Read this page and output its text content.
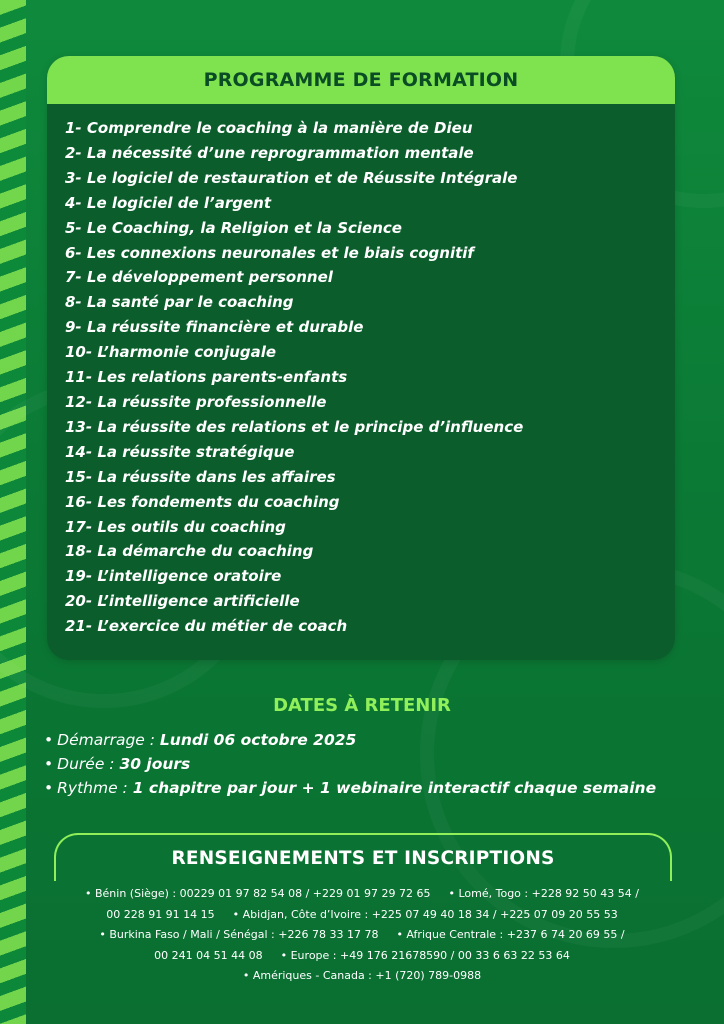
PROGRAMME DE FORMATION
1- Comprendre le coaching à la manière de Dieu
2- La nécessité d’une reprogrammation mentale
3- Le logiciel de restauration et de Réussite Intégrale
4- Le logiciel de l’argent
5- Le Coaching, la Religion et la Science
6- Les connexions neuronales et le biais cognitif
7- Le développement personnel
8- La santé par le coaching
9- La réussite financière et durable
10- L’harmonie conjugale
11- Les relations parents-enfants
12- La réussite professionnelle
13- La réussite des relations et le principe d’influence
14- La réussite stratégique
15- La réussite dans les affaires
16- Les fondements du coaching
17- Les outils du coaching
18- La démarche du coaching
19- L’intelligence oratoire
20- L’intelligence artificielle
21- L’exercice du métier de coach
DATES À RETENIR
• Démarrage : Lundi 06 octobre 2025
• Durée : 30 jours
• Rythme : 1 chapitre par jour + 1 webinaire interactif chaque semaine
RENSEIGNEMENTS ET INSCRIPTIONS
• Bénin (Siège) : 00229 01 97 82 54 08 / +229 01 97 29 72 65 • Lomé, Togo : +228 92 50 43 54 /
00 228 91 91 14 15 • Abidjan, Côte d’Ivoire : +225 07 49 40 18 34 / +225 07 09 20 55 53
• Burkina Faso / Mali / Sénégal : +226 78 33 17 78 • Afrique Centrale : +237 6 74 20 69 55 /
00 241 04 51 44 08 • Europe : +49 176 21678590 / 00 33 6 63 22 53 64
• Amériques - Canada : +1 (720) 789-0988
